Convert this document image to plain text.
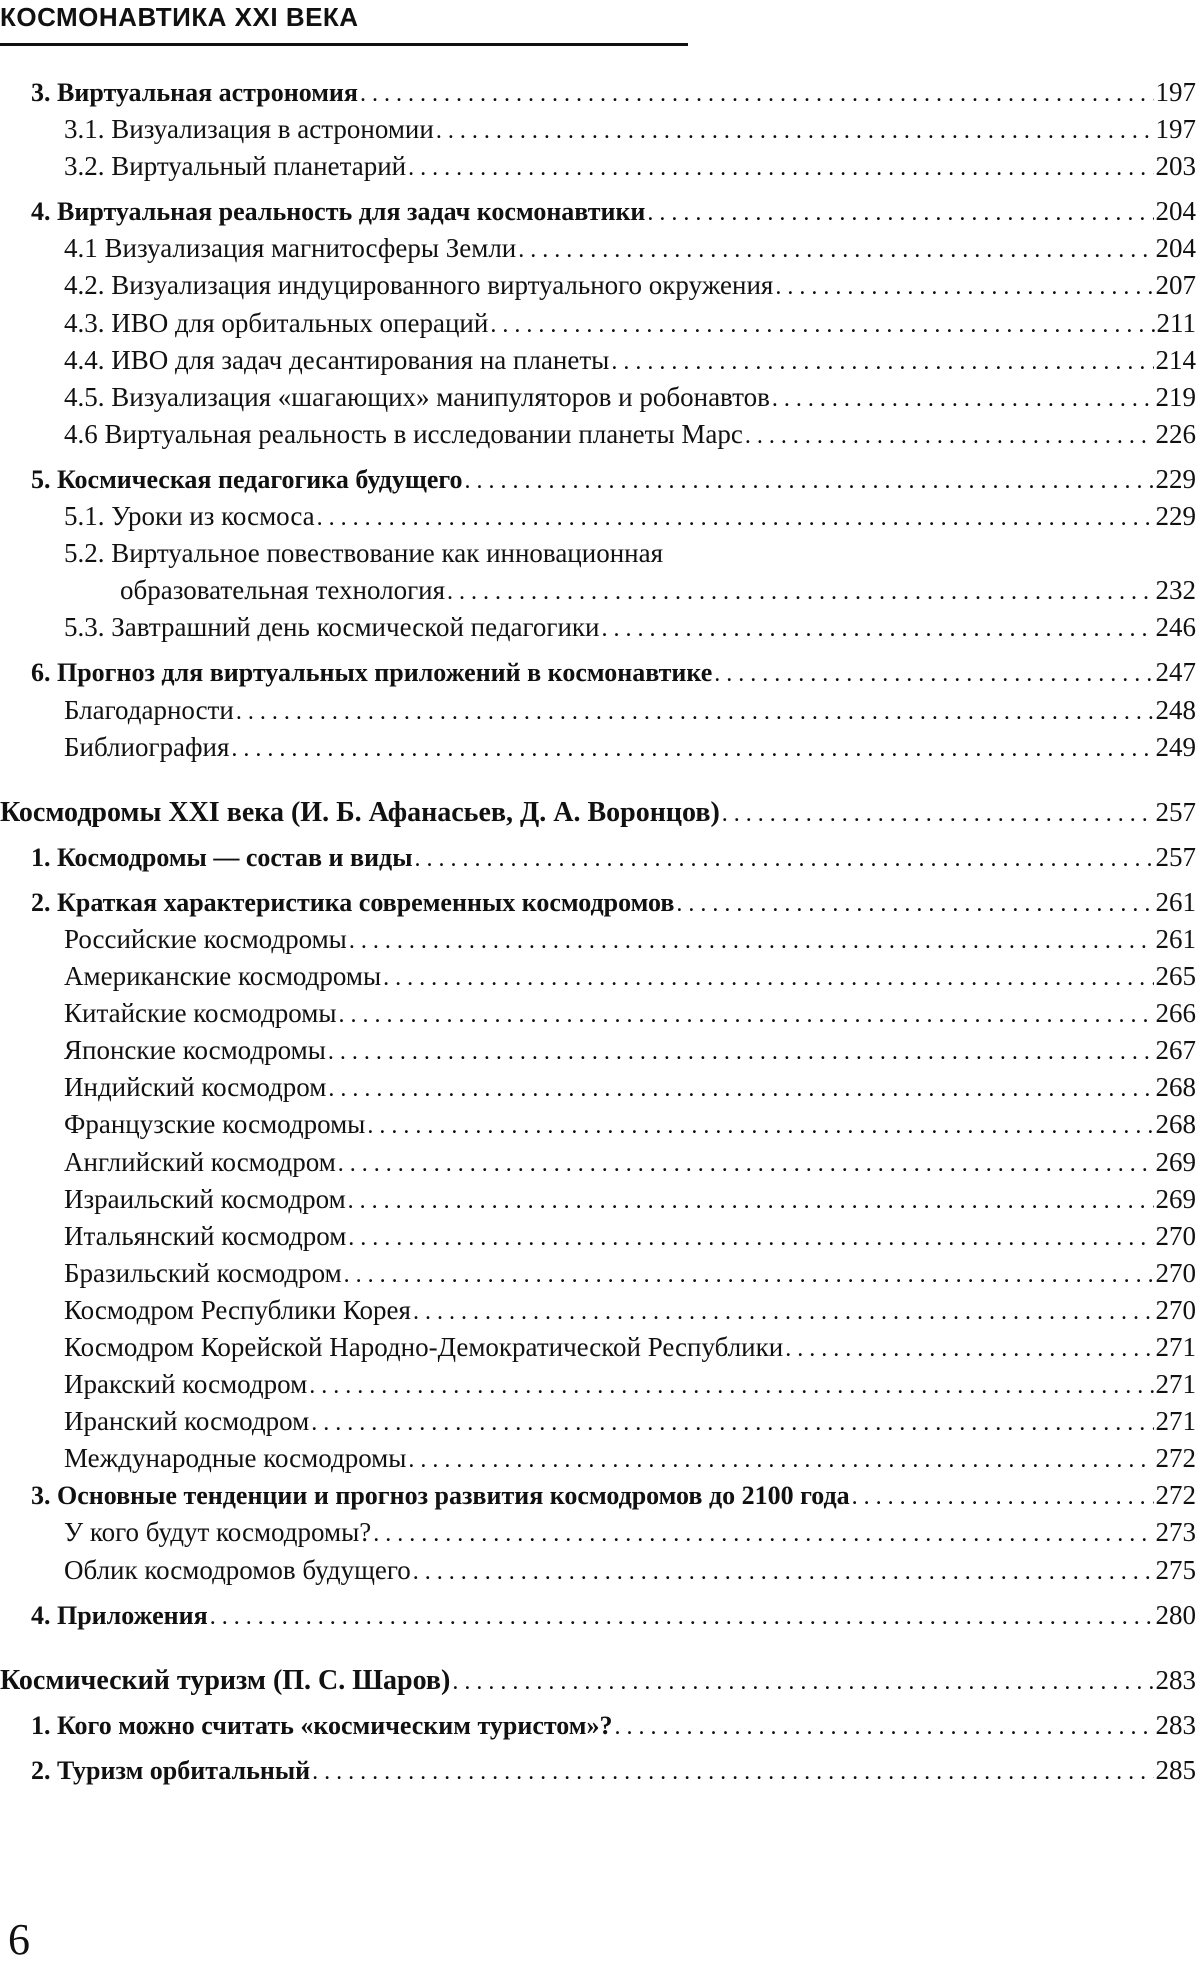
КОСМОНАВТИКА XXI ВЕКА
3. Виртуальная астрономия . . .	197
3.1. Визуализация в астрономии . . .	197
3.2. Виртуальный планетарий . . .	203
4. Виртуальная реальность для задач космонавтики . . .	204
4.1 Визуализация магнитосферы Земли . . .	204
4.2. Визуализация индуцированного виртуального окружения . . .	207
4.3. ИВО для орбитальных операций . . .	211
4.4. ИВО для задач десантирования на планеты . . .	214
4.5. Визуализация «шагающих» манипуляторов и робонавтов . . .	219
4.6 Виртуальная реальность в исследовании планеты Марс . . .	226
5. Космическая педагогика будущего . . .	229
5.1. Уроки из космоса . . .	229
5.2. Виртуальное повествование как инновационная
образовательная технология . . .	232
5.3. Завтрашний день космической педагогики . . .	246
6. Прогноз для виртуальных приложений в космонавтике . . .	247
Благодарности . . .	248
Библиография . . .	249
Космодромы XXI века (И. Б. Афанасьев, Д. А. Воронцов) . . .	257
1. Космодромы — состав и виды . . .	257
2. Краткая характеристика современных космодромов . . .	261
Российские космодромы . . .	261
Американские космодромы . . .	265
Китайские космодромы . . .	266
Японские космодромы . . .	267
Индийский космодром . . .	268
Французские космодромы . . .	268
Английский космодром . . .	269
Израильский космодром . . .	269
Итальянский космодром . . .	270
Бразильский космодром . . .	270
Космодром Республики Корея . . .	270
Космодром Корейской Народно-Демократической Республики . . .	271
Иракский космодром . . .	271
Иранский космодром . . .	271
Международные космодромы . . .	272
3. Основные тенденции и прогноз развития космодромов до 2100 года . . .	272
У кого будут космодромы? . . .	273
Облик космодромов будущего . . .	275
4. Приложения . . .	280
Космический туризм (П. С. Шаров) . . .	283
1. Кого можно считать «космическим туристом»? . . .	283
2. Туризм орбитальный . . .	285
6
